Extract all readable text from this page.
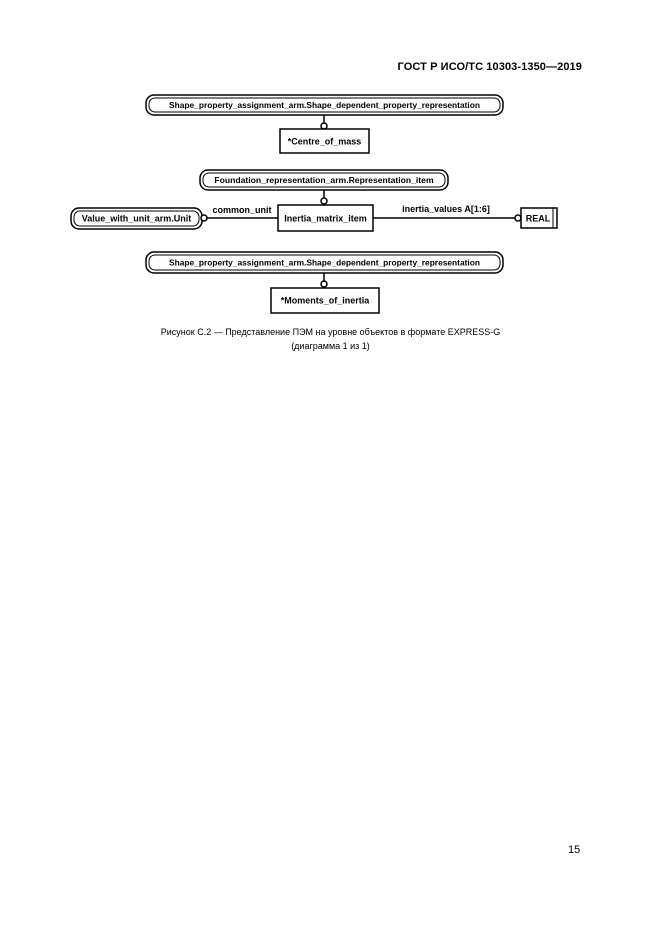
ГОСТ Р ИСО/ТС 10303-1350—2019
Shape_property_assignment_arm.Shape_dependent_property_representation
*Centre_of_mass
Foundation_representation_arm.Representation_item
Inertia_matrix_item
Value_with_unit_arm.Unit
common_unit	inertia_values A[1:6]
REAL
Shape_property_assignment_arm.Shape_dependent_property_representation
*Moments_of_inertia
Рисунок С.2 — Представление ПЭМ на уровне объектов в формате EXPRESS-G
(диаграмма 1 из 1)
15
